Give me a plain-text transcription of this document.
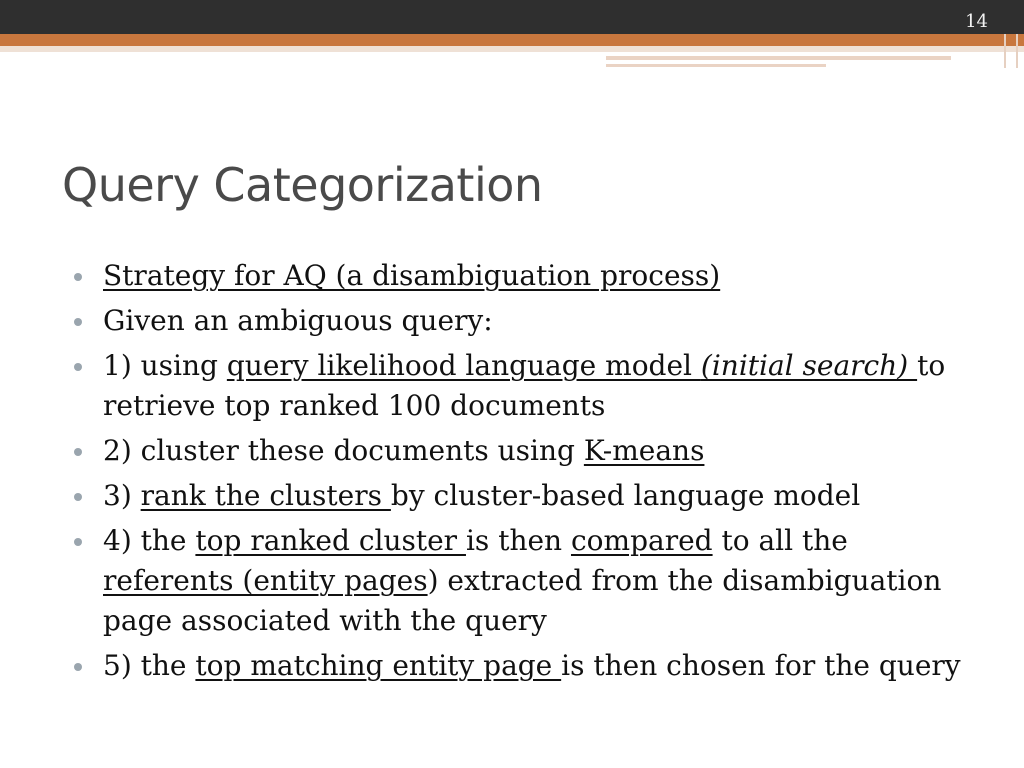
14
Query Categorization
Strategy for AQ (a disambiguation process)
Given an ambiguous query:
1) using query likelihood language model (initial search) to retrieve top ranked 100 documents
2) cluster these documents using K-means
3) rank the clusters by cluster-based language model
4) the top ranked cluster is then compared to all the referents (entity pages) extracted from the disambiguation page associated with the query
5) the top matching entity page is then chosen for the query
